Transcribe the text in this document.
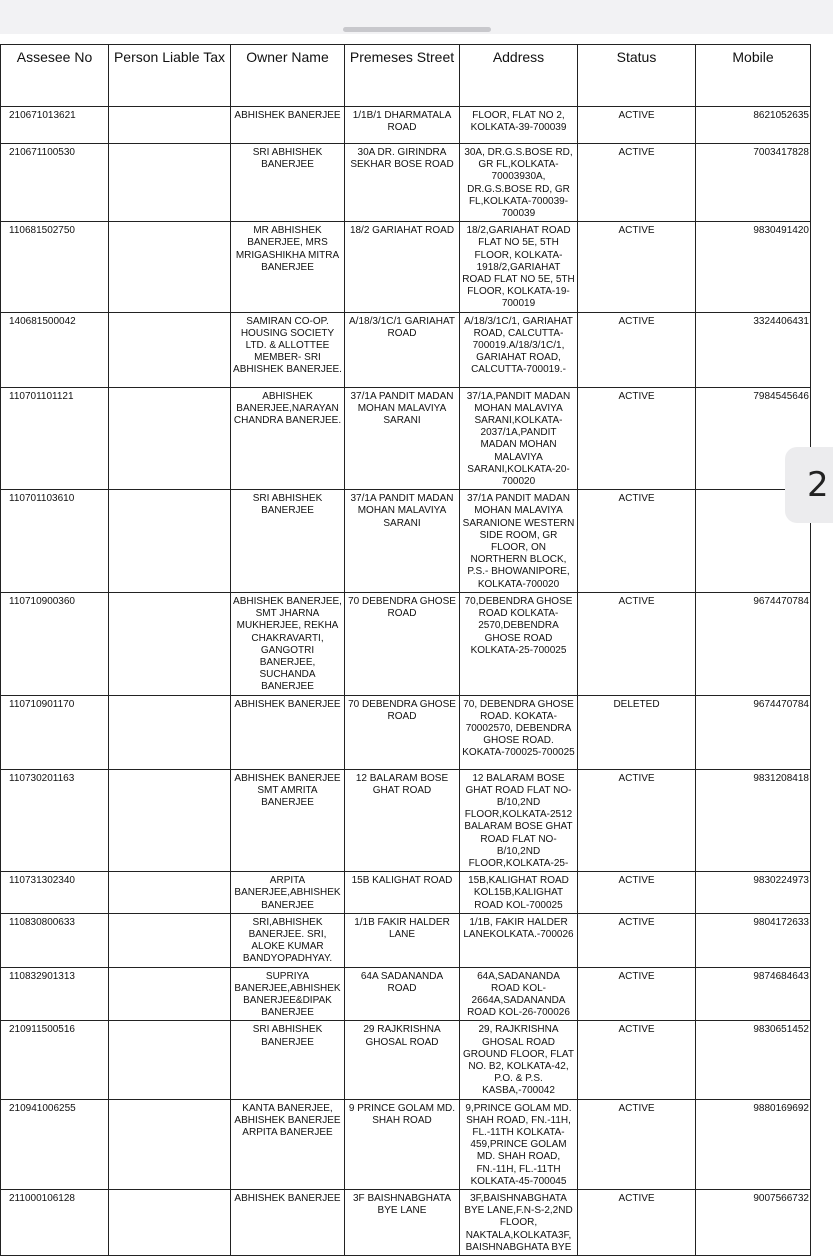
Assesee No	Person Liable Tax	Owner Name	Premeses Street	Address	Status	Mobile
210671013621		ABHISHEK BANERJEE	1/1B/1 DHARMATALA ROAD	FLOOR, FLAT NO 2, KOLKATA-39-700039	ACTIVE	8621052635
210671100530		SRI ABHISHEK BANERJEE	30A DR. GIRINDRA SEKHAR BOSE ROAD	30A, DR.G.S.BOSE RD, GR FL,KOLKATA-70003930A, DR.G.S.BOSE RD, GR FL,KOLKATA-700039-700039	ACTIVE	7003417828
110681502750		MR ABHISHEK BANERJEE, MRS MRIGASHIKHA MITRA BANERJEE	18/2 GARIAHAT ROAD	18/2,GARIAHAT ROAD FLAT NO 5E, 5TH FLOOR, KOLKATA-1918/2,GARIAHAT ROAD FLAT NO 5E, 5TH FLOOR, KOLKATA-19-700019	ACTIVE	9830491420
140681500042		SAMIRAN CO-OP. HOUSING SOCIETY LTD. & ALLOTTEE MEMBER- SRI ABHISHEK BANERJEE.	A/18/3/1C/1 GARIAHAT ROAD	A/18/3/1C/1, GARIAHAT ROAD, CALCUTTA-700019.A/18/3/1C/1, GARIAHAT ROAD, CALCUTTA-700019.-	ACTIVE	3324406431
110701101121		ABHISHEK BANERJEE,NARAYAN CHANDRA BANERJEE.	37/1A PANDIT MADAN MOHAN MALAVIYA SARANI	37/1A,PANDIT MADAN MOHAN MALAVIYA SARANI,KOLKATA-2037/1A,PANDIT MADAN MOHAN MALAVIYA SARANI,KOLKATA-20-700020	ACTIVE	7984545646
110701103610		SRI ABHISHEK BANERJEE	37/1A PANDIT MADAN MOHAN MALAVIYA SARANI	37/1A PANDIT MADAN MOHAN MALAVIYA SARANIONE WESTERN SIDE ROOM, GR FLOOR, ON NORTHERN BLOCK, P.S.- BHOWANIPORE, KOLKATA-700020	ACTIVE	
110710900360		ABHISHEK BANERJEE, SMT JHARNA MUKHERJEE, REKHA CHAKRAVARTI, GANGOTRI BANERJEE, SUCHANDA BANERJEE	70 DEBENDRA GHOSE ROAD	70,DEBENDRA GHOSE ROAD KOLKATA-2570,DEBENDRA GHOSE ROAD KOLKATA-25-700025	ACTIVE	9674470784
110710901170		ABHISHEK BANERJEE	70 DEBENDRA GHOSE ROAD	70, DEBENDRA GHOSE ROAD. KOKATA-70002570, DEBENDRA GHOSE ROAD. KOKATA-700025-700025	DELETED	9674470784
110730201163		ABHISHEK BANERJEE SMT AMRITA BANERJEE	12 BALARAM BOSE GHAT ROAD	12 BALARAM BOSE GHAT ROAD FLAT NO-B/10,2ND FLOOR,KOLKATA-2512 BALARAM BOSE GHAT ROAD FLAT NO-B/10,2ND FLOOR,KOLKATA-25-	ACTIVE	9831208418
110731302340		ARPITA BANERJEE,ABHISHEK BANERJEE	15B KALIGHAT ROAD	15B,KALIGHAT ROAD KOL15B,KALIGHAT ROAD KOL-700025	ACTIVE	9830224973
110830800633		SRI,ABHISHEK BANERJEE. SRI, ALOKE KUMAR BANDYOPADHYAY.	1/1B FAKIR HALDER LANE	1/1B, FAKIR HALDER LANEKOLKATA.-700026	ACTIVE	9804172633
110832901313		SUPRIYA BANERJEE,ABHISHEK BANERJEE&DIPAK BANERJEE	64A SADANANDA ROAD	64A,SADANANDA ROAD KOL-2664A,SADANANDA ROAD KOL-26-700026	ACTIVE	9874684643
210911500516		SRI ABHISHEK BANERJEE	29 RAJKRISHNA GHOSAL ROAD	29, RAJKRISHNA GHOSAL ROAD GROUND FLOOR, FLAT NO. B2, KOLKATA-42, P.O. & P.S. KASBA,-700042	ACTIVE	9830651452
210941006255		KANTA BANERJEE, ABHISHEK BANERJEE ARPITA BANERJEE	9 PRINCE GOLAM MD. SHAH ROAD	9,PRINCE GOLAM MD. SHAH ROAD, FN.-11H, FL.-11TH KOLKATA-459,PRINCE GOLAM MD. SHAH ROAD, FN.-11H, FL.-11TH KOLKATA-45-700045	ACTIVE	9880169692
211000106128		ABHISHEK BANERJEE	3F BAISHNABGHATA BYE LANE	3F,BAISHNABGHATA BYE LANE,F.N-S-2,2ND FLOOR, NAKTALA,KOLKATA3F, BAISHNABGHATA BYE	ACTIVE	9007566732
2
